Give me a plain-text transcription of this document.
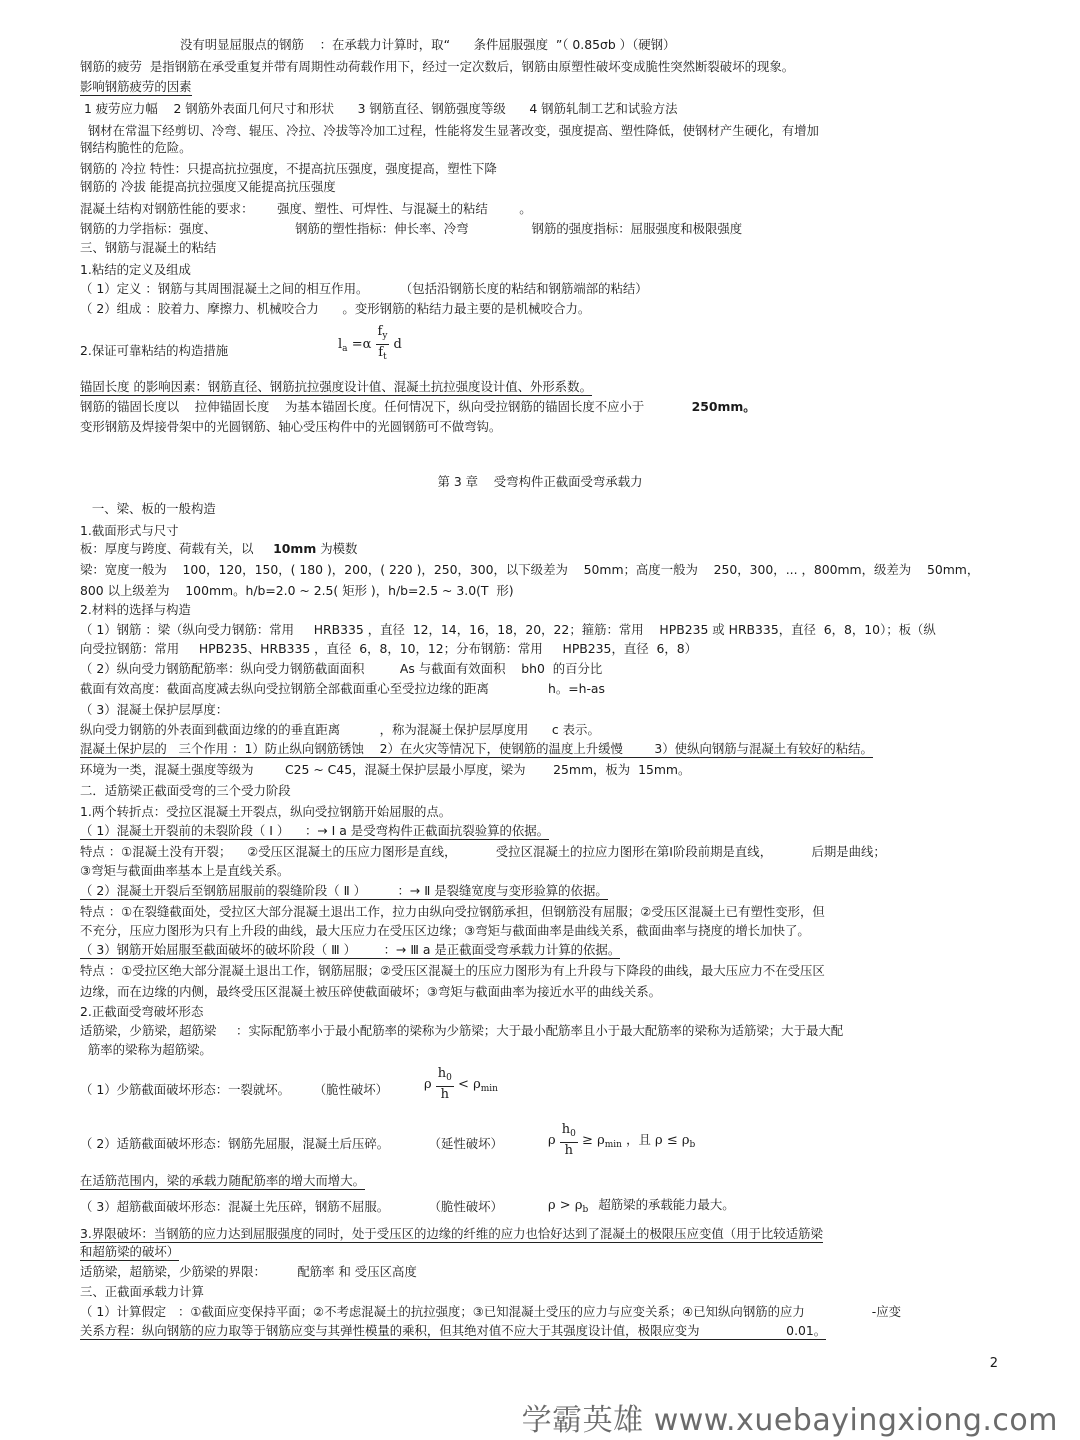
没有明显屈服点的钢筋    ：在承载力计算时，取“      条件屈服强度  ”（ 0.85σb ）（硬钢）
钢筋的疲劳  是指钢筋在承受重复并带有周期性动荷载作用下，经过一定次数后，钢筋由原塑性破坏变成脆性突然断裂破坏的现象。
影响钢筋疲劳的因素
1 疲劳应力幅    2 钢筋外表面几何尺寸和形状      3 钢筋直径、钢筋强度等级      4 钢筋轧制工艺和试验方法
钢材在常温下经剪切、冷弯、辊压、冷拉、冷拔等冷加工过程，性能将发生显著改变，强度提高、塑性降低，使钢材产生硬化，有增加
钢结构脆性的危险。
钢筋的 冷拉 特性：只提高抗拉强度，不提高抗压强度，强度提高，塑性下降
钢筋的 冷拔 能提高抗拉强度又能提高抗压强度
混凝土结构对钢筋性能的要求：      强度、塑性、可焊性、与混凝土的粘结        。
钢筋的力学指标：强度、                    钢筋的塑性指标：伸长率、冷弯                钢筋的强度指标：屈服强度和极限强度
三、钢筋与混凝土的粘结
1.粘结的定义及组成
（ 1）定义 ：钢筋与其周围混凝土之间的相互作用。        （包括沿钢筋长度的粘结和钢筋端部的粘结）
（ 2）组成 ：胶着力、摩擦力、机械咬合力      。变形钢筋的粘结力最主要的是机械咬合力。
2.保证可靠粘结的构造措施	$l_a =\alpha \frac{f_y}{f_t}$ d
锚固长度 的影响因素：钢筋直径、钢筋抗拉强度设计值、混凝土抗拉强度设计值、外形系数。
钢筋的锚固长度以    拉伸锚固长度    为基本锚固长度。任何情况下，纵向受拉钢筋的锚固长度不应小于            250mm。
变形钢筋及焊接骨架中的光圆钢筋、轴心受压构件中的光圆钢筋可不做弯钩。
第 3 章    受弯构件正截面受弯承载力
一、梁、板的一般构造
1.截面形式与尺寸
板：厚度与跨度、荷载有关，以     10mm 为模数
梁：宽度一般为    100，120，150，( 180 )，200，( 220 )，250，300，以下级差为    50mm；高度一般为    250，300，... ，800mm，级差为    50mm，
800 以上级差为    100mm。h/b=2.0 ~ 2.5( 矩形 )，h/b=2.5 ~ 3.0(T  形)
2.材料的选择与构造
（ 1）钢筋 ：梁（纵向受力钢筋：常用     HRB335 ，直径  12，14，16，18，20，22；箍筋：常用    HPB235 或 HRB335，直径  6，8，10）；板（纵
向受拉钢筋：常用     HPB235、HRB335 ，直径  6，8，10，12；分布钢筋：常用     HPB235，直径  6，8）
（ 2）纵向受力钢筋配筋率：纵向受力钢筋截面面积         As 与截面有效面积    bh0  的百分比
截面有效高度：截面高度减去纵向受拉钢筋全部截面重心至受拉边缘的距离               h。=h-as
（ 3）混凝土保护层厚度：
纵向受力钢筋的外表面到截面边缘的的垂直距离          ，称为混凝土保护层厚度用      c 表示。
混凝土保护层的   三个作用 ：1）防止纵向钢筋锈蚀    2）在火灾等情况下，使钢筋的温度上升缓慢        3）使纵向钢筋与混凝土有较好的粘结。
环境为一类，混凝土强度等级为        C25 ~ C45，混凝土保护层最小厚度，梁为       25mm，板为  15mm。
二．适筋梁正截面受弯的三个受力阶段
1.两个转折点：受拉区混凝土开裂点，纵向受拉钢筋开始屈服的点。
（ 1）混凝土开裂前的未裂阶段（ Ⅰ ）    ：→ Ⅰ a 是受弯构件正截面抗裂验算的依据。
特点 ：①混凝土没有开裂；    ②受压区混凝土的压应力图形是直线，          受拉区混凝土的拉应力图形在第Ⅰ阶段前期是直线，          后期是曲线；
③弯矩与截面曲率基本上是直线关系。
（ 2）混凝土开裂后至钢筋屈服前的裂缝阶段（ Ⅱ ）        ：→ Ⅱ 是裂缝宽度与变形验算的依据。
特点 ：①在裂缝截面处，受拉区大部分混凝土退出工作，拉力由纵向受拉钢筋承担，但钢筋没有屈服；②受压区混凝土已有塑性变形，但
不充分，压应力图形为只有上升段的曲线，最大压应力在受压区边缘；③弯矩与截面曲率是曲线关系，截面曲率与挠度的增长加快了。
（ 3）钢筋开始屈服至截面破坏的破坏阶段（ Ⅲ ）       ：→ Ⅲ a 是正截面受弯承载力计算的依据。
特点 ：①受拉区绝大部分混凝土退出工作，钢筋屈服；②受压区混凝土的压应力图形为有上升段与下降段的曲线，最大压应力不在受压区
边缘，而在边缘的内侧，最终受压区混凝土被压碎使截面破坏；③弯矩与截面曲率为接近水平的曲线关系。
2.正截面受弯破坏形态
适筋梁，少筋梁，超筋梁     ：实际配筋率小于最小配筋率的梁称为少筋梁；大于最小配筋率且小于最大配筋率的梁称为适筋梁；大于最大配
筋率的梁称为超筋梁。
（ 1）少筋截面破坏形态：一裂就坏。      （脆性破坏）	ρ $\frac{h_0}{h} < \rho_{min}$
（ 2）适筋截面破坏形态：钢筋先屈服，混凝土后压碎。          （延性破坏）	ρ $\frac{h_0}{h} \ge \rho_{min}$ ，且 $\rho \le \rho_b$
在适筋范围内，梁的承载力随配筋率的增大而增大。
（ 3）超筋截面破坏形态：混凝土先压碎，钢筋不屈服。          （脆性破坏）	$\rho > \rho_b$ 超筋梁的承载能力最大。
3.界限破坏：当钢筋的应力达到屈服强度的同时，处于受压区的边缘的纤维的应力也恰好达到了混凝土的极限压应变值（用于比较适筋梁
和超筋梁的破坏）
适筋梁，超筋梁，少筋梁的界限：        配筋率 和 受压区高度
三、正截面承载力计算
（ 1）计算假定   ：①截面应变保持平面；②不考虑混凝土的抗拉强度；③已知混凝土受压的应力与应变关系；④已知纵向钢筋的应力                 -应变
关系方程：纵向钢筋的应力取等于钢筋应变与其弹性模量的乘积，但其绝对值不应大于其强度设计值，极限应变为                      0.01。
2
学霸英雄 www.xuebayingxiong.com
